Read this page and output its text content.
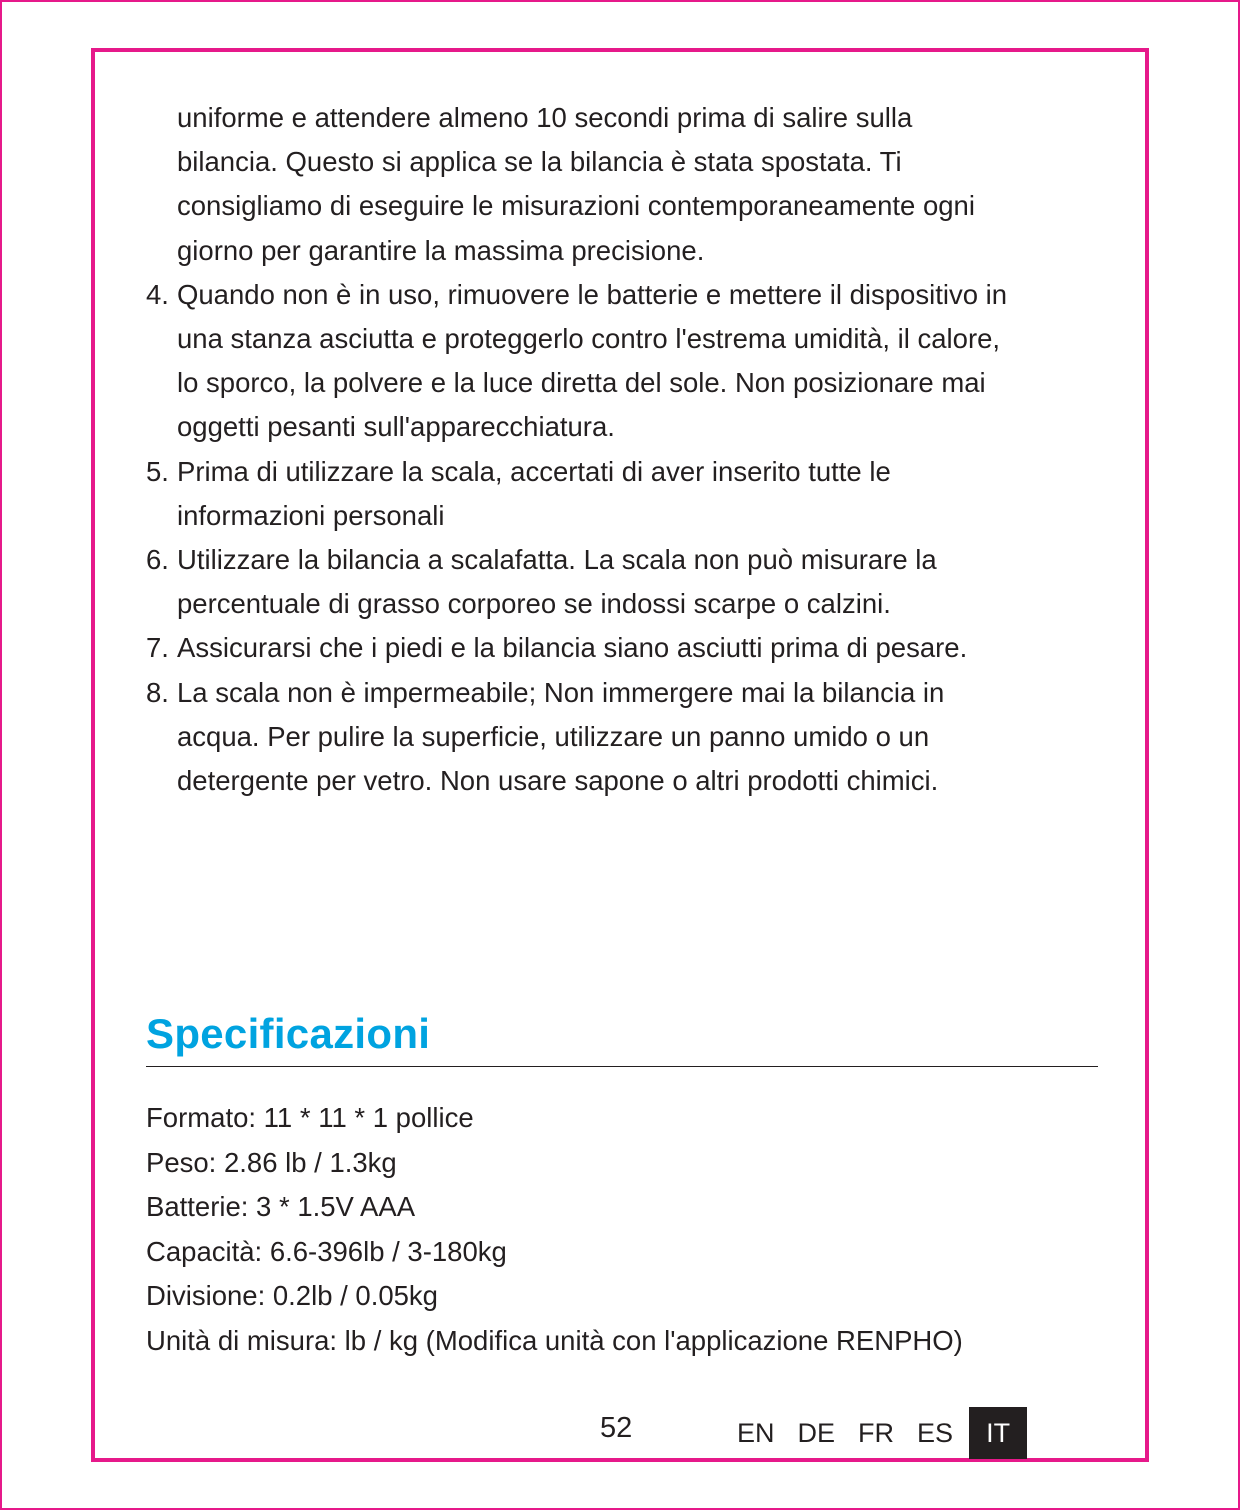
uniforme e attendere almeno 10 secondi prima di salire sulla
bilancia. Questo si applica se la bilancia è stata spostata. Ti
consigliamo di eseguire le misurazioni contemporaneamente ogni
giorno per garantire la massima precisione.
4. Quando non è in uso, rimuovere le batterie e mettere il dispositivo in
una stanza asciutta e proteggerlo contro l'estrema umidità, il calore,
lo sporco, la polvere e la luce diretta del sole. Non posizionare mai
oggetti pesanti sull'apparecchiatura.
5. Prima di utilizzare la scala, accertati di aver inserito tutte le
informazioni personali
6. Utilizzare la bilancia a scalafatta. La scala non può misurare la
percentuale di grasso corporeo se indossi scarpe o calzini.
7. Assicurarsi che i piedi e la bilancia siano asciutti prima di pesare.
8. La scala non è impermeabile; Non immergere mai la bilancia in
acqua. Per pulire la superficie, utilizzare un panno umido o un
detergente per vetro. Non usare sapone o altri prodotti chimici.
Specificazioni
Formato: 11 * 11 * 1 pollice
Peso: 2.86 lb / 1.3kg
Batterie: 3 * 1.5V AAA
Capacità: 6.6-396lb / 3-180kg
Divisione: 0.2lb / 0.05kg
Unità di misura: lb / kg (Modifica unità con l'applicazione RENPHO)
52	EN DE FR ES	IT
